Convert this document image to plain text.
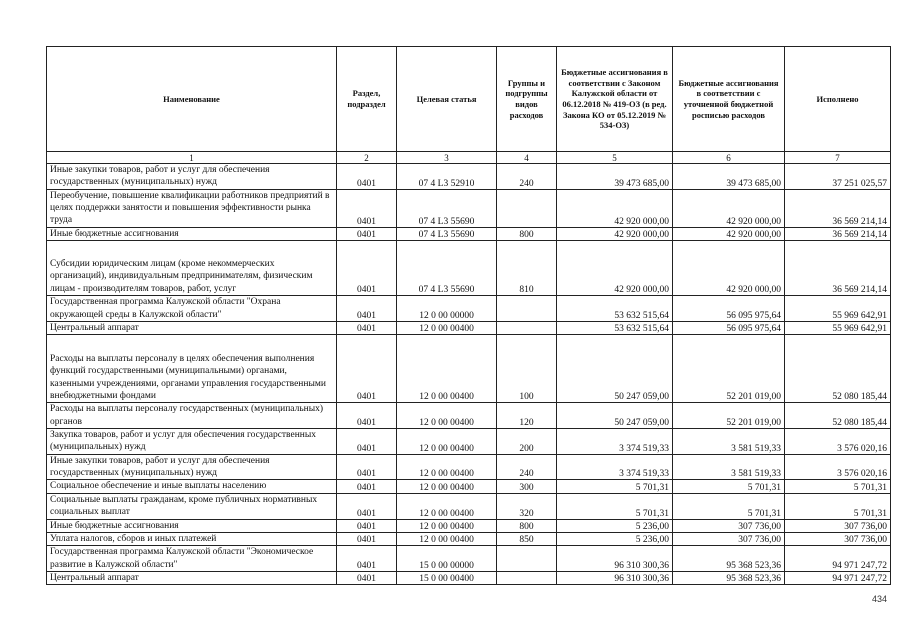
Наименование	Раздел, подраздел	Целевая статья	Группы и подгруппы видов расходов	Бюджетные ассигнования в соответствии с Законом Калужской области от 06.12.2018 № 419-ОЗ (в ред. Закона КО от 05.12.2019 № 534-ОЗ)	Бюджетные ассигнования в соответствии с уточненной бюджетной росписью расходов	Исполнено
1	2	3	4	5	6	7
Иные закупки товаров, работ и услуг для обеспечения государственных (муниципальных) нужд	0401	07 4 L3 52910	240	39 473 685,00	39 473 685,00	37 251 025,57
Переобучение, повышение квалификации работников предприятий в целях поддержки занятости и повышения эффективности рынка труда	0401	07 4 L3 55690		42 920 000,00	42 920 000,00	36 569 214,14
Иные бюджетные ассигнования	0401	07 4 L3 55690	800	42 920 000,00	42 920 000,00	36 569 214,14
Субсидии юридическим лицам (кроме некоммерческих организаций), индивидуальным предпринимателям, физическим лицам - производителям товаров, работ, услуг	0401	07 4 L3 55690	810	42 920 000,00	42 920 000,00	36 569 214,14
Государственная программа Калужской области "Охрана окружающей среды в Калужской области"	0401	12 0 00 00000		53 632 515,64	56 095 975,64	55 969 642,91
Центральный аппарат	0401	12 0 00 00400		53 632 515,64	56 095 975,64	55 969 642,91
Расходы на выплаты персоналу в целях обеспечения выполнения функций государственными (муниципальными) органами, казенными учреждениями, органами управления государственными внебюджетными фондами	0401	12 0 00 00400	100	50 247 059,00	52 201 019,00	52 080 185,44
Расходы на выплаты персоналу государственных (муниципальных) органов	0401	12 0 00 00400	120	50 247 059,00	52 201 019,00	52 080 185,44
Закупка товаров, работ и услуг для обеспечения государственных (муниципальных) нужд	0401	12 0 00 00400	200	3 374 519,33	3 581 519,33	3 576 020,16
Иные закупки товаров, работ и услуг для обеспечения государственных (муниципальных) нужд	0401	12 0 00 00400	240	3 374 519,33	3 581 519,33	3 576 020,16
Социальное обеспечение и иные выплаты населению	0401	12 0 00 00400	300	5 701,31	5 701,31	5 701,31
Социальные выплаты гражданам, кроме публичных нормативных социальных выплат	0401	12 0 00 00400	320	5 701,31	5 701,31	5 701,31
Иные бюджетные ассигнования	0401	12 0 00 00400	800	5 236,00	307 736,00	307 736,00
Уплата налогов, сборов и иных платежей	0401	12 0 00 00400	850	5 236,00	307 736,00	307 736,00
Государственная программа Калужской области "Экономическое развитие в Калужской области"	0401	15 0 00 00000		96 310 300,36	95 368 523,36	94 971 247,72
Центральный аппарат	0401	15 0 00 00400		96 310 300,36	95 368 523,36	94 971 247,72
434
